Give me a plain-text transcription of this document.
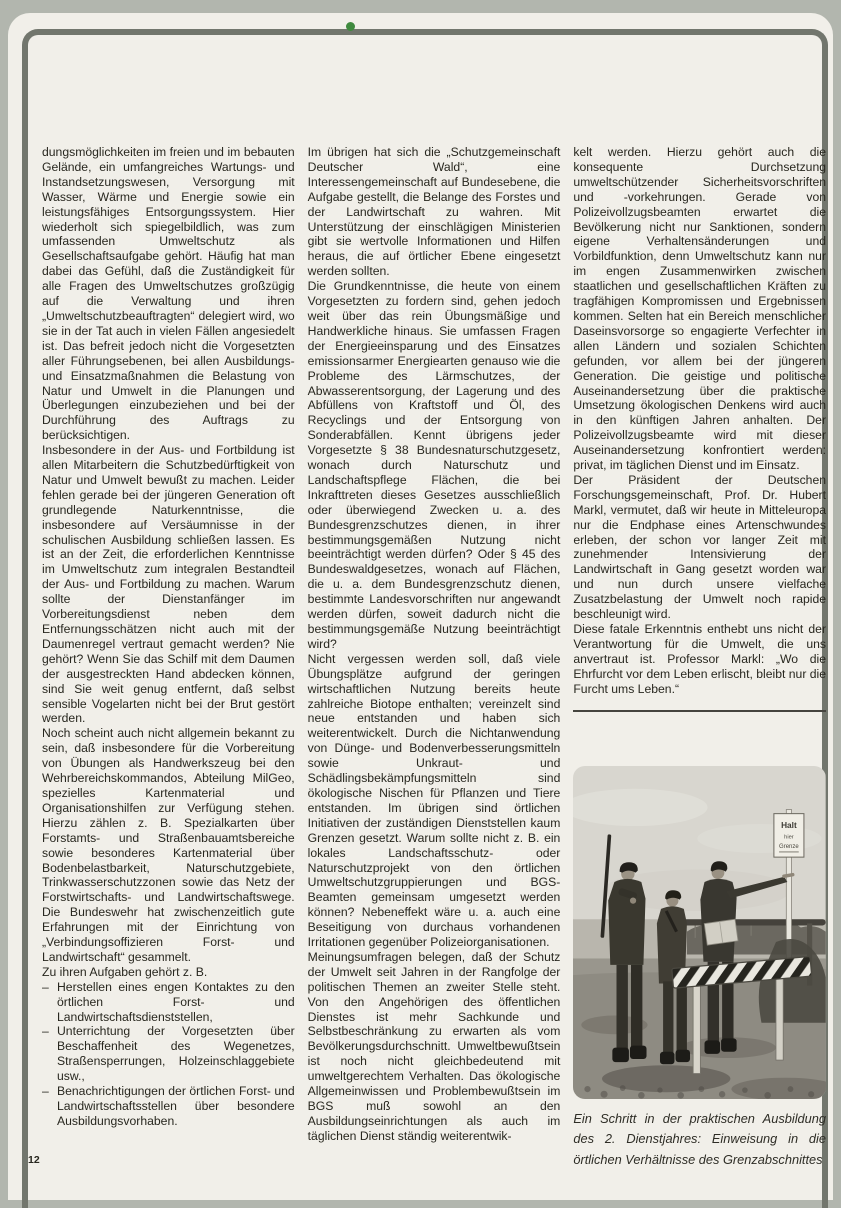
dungsmöglichkeiten im freien und im bebauten Gelände, ein umfangreiches Wartungs- und Instandsetzungswesen, Versorgung mit Wasser, Wärme und Energie sowie ein leistungsfähiges Entsorgungssystem. Hier wiederholt sich spiegelbildlich, was zum umfassenden Umweltschutz als Gesellschaftsaufgabe gehört. Häufig hat man dabei das Gefühl, daß die Zuständigkeit für alle Fragen des Umweltschutzes großzügig auf die Verwaltung und ihren „Umweltschutzbeauftragten“ delegiert wird, wo sie in der Tat auch in vielen Fällen angesiedelt ist. Das befreit jedoch nicht die Vorgesetzten aller Führungsebenen, bei allen Ausbildungs- und Einsatzmaßnahmen die Belastung von Natur und Umwelt in die Planungen und Überlegungen einzubeziehen und bei der Durchführung des Auftrags zu berücksichtigen.

Insbesondere in der Aus- und Fortbildung ist allen Mitarbeitern die Schutzbedürftigkeit von Natur und Umwelt bewußt zu machen. Leider fehlen gerade bei der jüngeren Generation oft grundlegende Naturkenntnisse, die insbesondere auf Versäumnisse in der schulischen Ausbildung schließen lassen. Es ist an der Zeit, die erforderlichen Kenntnisse im Umweltschutz zum integralen Bestandteil der Aus- und Fortbildung zu machen. Warum sollte der Dienstanfänger im Vorbereitungsdienst neben dem Entfernungsschätzen nicht auch mit der Daumenregel vertraut gemacht werden? Nie gehört? Wenn Sie das Schilf mit dem Daumen der ausgestreckten Hand abdecken können, sind Sie weit genug entfernt, daß selbst sensible Vogelarten nicht bei der Brut gestört werden.

Noch scheint auch nicht allgemein bekannt zu sein, daß insbesondere für die Vorbereitung von Übungen als Handwerkszeug bei den Wehrbereichskommandos, Abteilung MilGeo, spezielles Kartenmaterial und Organisationshilfen zur Verfügung stehen. Hierzu zählen z. B. Spezialkarten über Forstamts- und Straßenbauamtsbereiche sowie besonderes Kartenmaterial über Bodenbelastbarkeit, Naturschutzgebiete, Trinkwasserschutzzonen sowie das Netz der Forstwirtschafts- und Landwirtschaftswege. Die Bundeswehr hat zwischenzeitlich gute Erfahrungen mit der Einrichtung von „Verbindungsoffizieren Forst- und Landwirtschaft“ gesammelt.

Zu ihren Aufgaben gehört z. B.

– Herstellen eines engen Kontaktes zu den örtlichen Forst- und Landwirtschaftsdienststellen,
– Unterrichtung der Vorgesetzten über Beschaffenheit des Wegenetzes, Straßensperrungen, Holzeinschlaggebiete usw.,
– Benachrichtigungen der örtlichen Forst- und Landwirtschaftsstellen über besondere Ausbildungsvorhaben.

Im übrigen hat sich die „Schutzgemeinschaft Deutscher Wald“, eine Interessengemeinschaft auf Bundesebene, die Aufgabe gestellt, die Belange des Forstes und der Landwirtschaft zu wahren. Mit Unterstützung der einschlägigen Ministerien gibt sie wertvolle Informationen und Hilfen heraus, die auf örtlicher Ebene eingesetzt werden sollten.

Die Grundkenntnisse, die heute von einem Vorgesetzten zu fordern sind, gehen jedoch weit über das rein Übungsmäßige und Handwerkliche hinaus. Sie umfassen Fragen der Energieeinsparung und des Einsatzes emissionsarmer Energiearten genauso wie die Probleme des Lärmschutzes, der Abwasserentsorgung, der Lagerung und des Abfüllens von Kraftstoff und Öl, des Recyclings und der Entsorgung von Sonderabfällen. Kennt übrigens jeder Vorgesetzte § 38 Bundesnaturschutzgesetz, wonach durch Naturschutz und Landschaftspflege Flächen, die bei Inkrafttreten dieses Gesetzes ausschließlich oder überwiegend Zwecken u. a. des Bundesgrenzschutzes dienen, in ihrer bestimmungsgemäßen Nutzung nicht beeinträchtigt werden dürfen? Oder § 45 des Bundeswaldgesetzes, wonach auf Flächen, die u. a. dem Bundesgrenzschutz dienen, bestimmte Landesvorschriften nur angewandt werden dürfen, soweit dadurch nicht die bestimmungsgemäße Nutzung beeinträchtigt wird?

Nicht vergessen werden soll, daß viele Übungsplätze aufgrund der geringen wirtschaftlichen Nutzung bereits heute zahlreiche Biotope enthalten; vereinzelt sind neue entstanden und haben sich weiterentwickelt. Durch die Nichtanwendung von Dünge- und Bodenverbesserungsmitteln sowie Unkraut- und Schädlingsbekämpfungsmitteln sind ökologische Nischen für Pflanzen und Tiere entstanden. Im übrigen sind örtlichen Initiativen der zuständigen Dienststellen kaum Grenzen gesetzt. Warum sollte nicht z. B. ein lokales Landschaftsschutz- oder Naturschutzprojekt von den örtlichen Umweltschutzgruppierungen und BGS-Beamten gemeinsam umgesetzt werden können? Nebeneffekt wäre u. a. auch eine Beseitigung von durchaus vorhandenen Irritationen gegenüber Polizeiorganisationen.

Meinungsumfragen belegen, daß der Schutz der Umwelt seit Jahren in der Rangfolge der politischen Themen an zweiter Stelle steht. Von den Angehörigen des öffentlichen Dienstes ist mehr Sachkunde und Selbstbeschränkung zu erwarten als vom Bevölkerungsdurchschnitt. Umweltbewußtsein ist noch nicht gleichbedeutend mit umweltgerechtem Verhalten. Das ökologische Allgemeinwissen und Problembewußtsein im BGS muß sowohl an den Ausbildungseinrichtungen als auch im täglichen Dienst ständig weiterentwik-

kelt werden. Hierzu gehört auch die konsequente Durchsetzung umweltschützender Sicherheitsvorschriften und -vorkehrungen. Gerade von Polizeivollzugsbeamten erwartet die Bevölkerung nicht nur Sanktionen, sondern eigene Verhaltensänderungen und Vorbildfunktion, denn Umweltschutz kann nur im engen Zusammenwirken zwischen staatlichen und gesellschaftlichen Kräften zu tragfähigen Kompromissen und Ergebnissen kommen. Selten hat ein Bereich menschlicher Daseinsvorsorge so engagierte Verfechter in allen Ländern und sozialen Schichten gefunden, vor allem bei der jüngeren Generation. Die geistige und politische Auseinandersetzung über die praktische Umsetzung ökologischen Denkens wird auch in den künftigen Jahren anhalten. Der Polizeivollzugsbeamte wird mit dieser Auseinandersetzung konfrontiert werden: privat, im täglichen Dienst und im Einsatz.

Der Präsident der Deutschen Forschungsgemeinschaft, Prof. Dr. Hubert Markl, vermutet, daß wir heute in Mitteleuropa nur die Endphase eines Artenschwundes erleben, der schon vor langer Zeit mit zunehmender Intensivierung der Landwirtschaft in Gang gesetzt worden war und nun durch unsere vielfache Zusatzbelastung der Umwelt noch rapide beschleunigt wird.

Diese fatale Erkenntnis enthebt uns nicht der Verantwortung für die Umwelt, die uns anvertraut ist. Professor Markl: „Wo die Ehrfurcht vor dem Leben erlischt, bleibt nur die Furcht ums Leben.“

Halt
hier
Grenze
Ein Schritt in der praktischen Ausbildung des 2. Dienstjahres: Einweisung in die örtlichen Verhältnisse des Grenzabschnittes
12
